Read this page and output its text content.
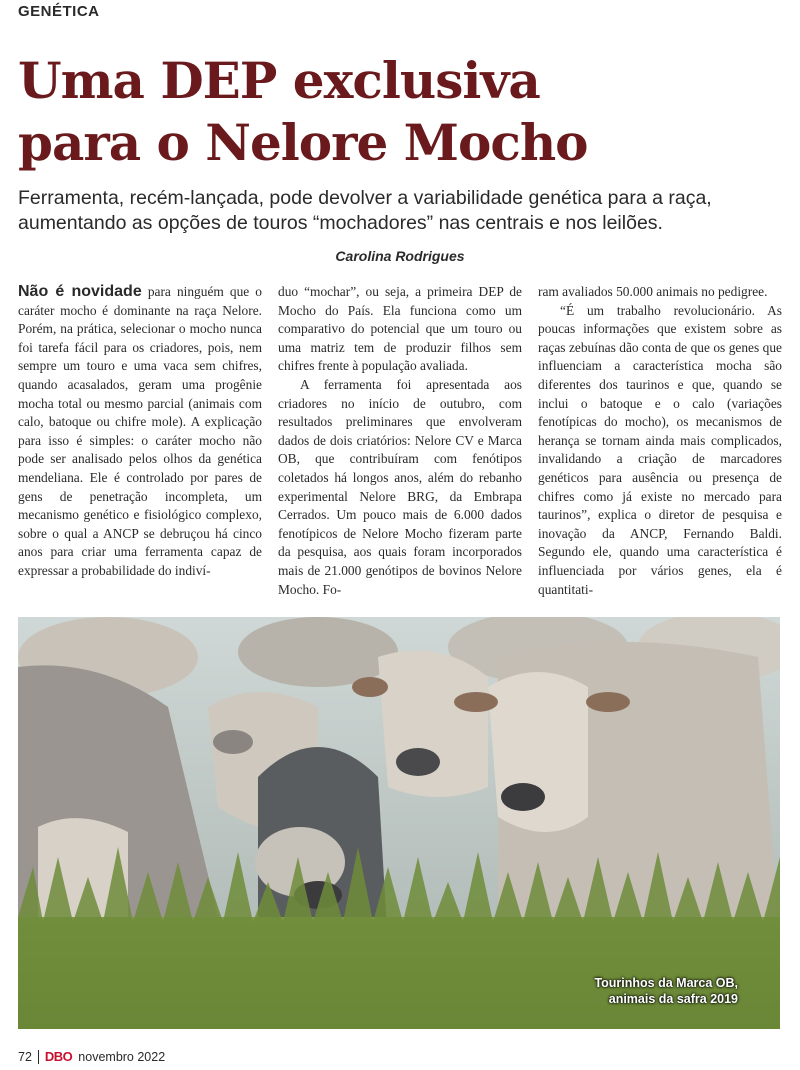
GENÉTICA
Uma DEP exclusiva
para o Nelore Mocho

Ferramenta, recém-lançada, pode devolver a variabilidade genética para a raça, aumentando as opções de touros “mochadores” nas centrais e nos leilões.

Carolina Rodrigues

Não é novidade para ninguém que o caráter mocho é dominante na raça Nelore. Porém, na prática, selecionar o mocho nunca foi tarefa fácil para os criadores, pois, nem sempre um touro e uma vaca sem chifres, quando acasalados, geram uma progênie mocha total ou mesmo parcial (animais com calo, batoque ou chifre mole). A explicação para isso é simples: o caráter mocho não pode ser analisado pelos olhos da genética mendeliana. Ele é controlado por pares de gens de penetração incompleta, um mecanismo genético e fisiológico complexo, sobre o qual a ANCP se debruçou há cinco anos para criar uma ferramenta capaz de expressar a probabilidade do indiví-

duo “mochar”, ou seja, a primeira DEP de Mocho do País. Ela funciona como um comparativo do potencial que um touro ou uma matriz tem de produzir filhos sem chifres frente à população avaliada.

A ferramenta foi apresentada aos criadores no início de outubro, com resultados preliminares que envolveram dados de dois criatórios: Nelore CV e Marca OB, que contribuíram com fenótipos coletados há longos anos, além do rebanho experimental Nelore BRG, da Embrapa Cerrados. Um pouco mais de 6.000 dados fenotípicos de Nelore Mocho fizeram parte da pesquisa, aos quais foram incorporados mais de 21.000 genótipos de bovinos Nelore Mocho. Fo-

ram avaliados 50.000 animais no pedigree.

“É um trabalho revolucionário. As poucas informações que existem sobre as raças zebuínas dão conta de que os genes que influenciam a característica mocha são diferentes dos taurinos e que, quando se inclui o batoque e o calo (variações fenotípicas do mocho), os mecanismos de herança se tornam ainda mais complicados, invalidando a criação de marcadores genéticos para ausência ou presença de chifres como já existe no mercado para taurinos”, explica o diretor de pesquisa e inovação da ANCP, Fernando Baldi. Segundo ele, quando uma característica é influenciada por vários genes, ela é quantitati-

Tourinhos da Marca OB,
animais da safra 2019
72 DBO novembro 2022
